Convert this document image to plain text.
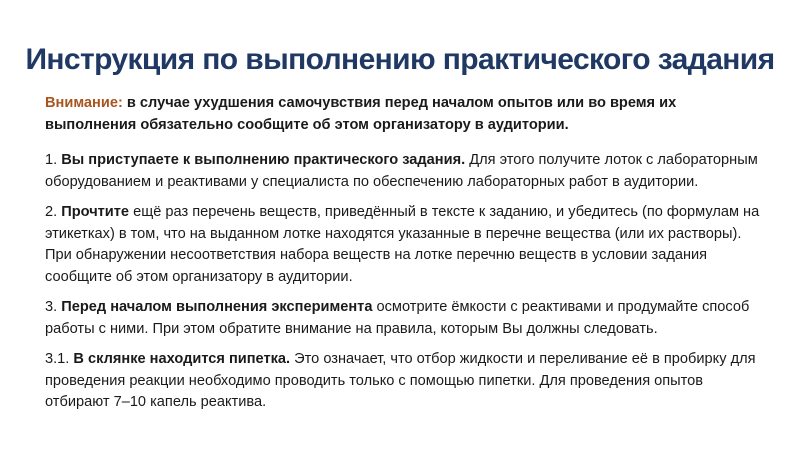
Инструкция по выполнению практического задания

Внимание: в случае ухудшения самочувствия перед началом опытов или во время их выполнения обязательно сообщите об этом организатору в аудитории.

1. Вы приступаете к выполнению практического задания. Для этого получите лоток с лабораторным оборудованием и реактивами у специалиста по обеспечению лабораторных работ в аудитории.

2. Прочтите ещё раз перечень веществ, приведённый в тексте к заданию, и убедитесь (по формулам на этикетках) в том, что на выданном лотке находятся указанные в перечне вещества (или их растворы). При обнаружении несоответствия набора веществ на лотке перечню веществ в условии задания сообщите об этом организатору в аудитории.

3. Перед началом выполнения эксперимента осмотрите ёмкости с реактивами и продумайте способ работы с ними. При этом обратите внимание на правила, которым Вы должны следовать.

3.1. В склянке находится пипетка. Это означает, что отбор жидкости и переливание её в пробирку для проведения реакции необходимо проводить только с помощью пипетки. Для проведения опытов отбирают 7–10 капель реактива.
